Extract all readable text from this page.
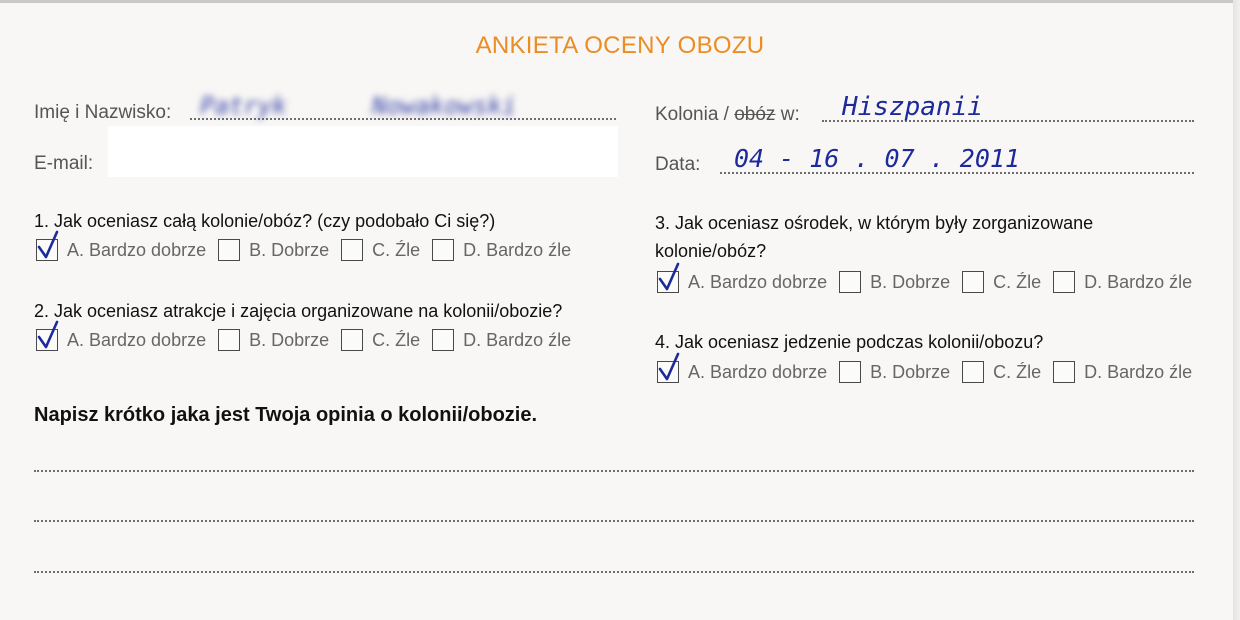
ANKIETA OCENY OBOZU
Imię i Nazwisko: Patryk	Nowakowski
E-mail:
Kolonia / obóz w: Hiszpanii
Data: 04 - 16 . 07 . 2011
1. Jak oceniasz całą kolonie/obóz? (czy podobało Ci się?)
A. Bardzo dobrze B. Dobrze C. Źle D. Bardzo źle
2. Jak oceniasz atrakcje i zajęcia organizowane na kolonii/obozie?
A. Bardzo dobrze B. Dobrze C. Źle D. Bardzo źle
3. Jak oceniasz ośrodek, w którym były zorganizowane
kolonie/obóz?
A. Bardzo dobrze B. Dobrze C. Źle D. Bardzo źle
4. Jak oceniasz jedzenie podczas kolonii/obozu?
A. Bardzo dobrze B. Dobrze C. Źle D. Bardzo źle
Napisz krótko jaka jest Twoja opinia o kolonii/obozie.
